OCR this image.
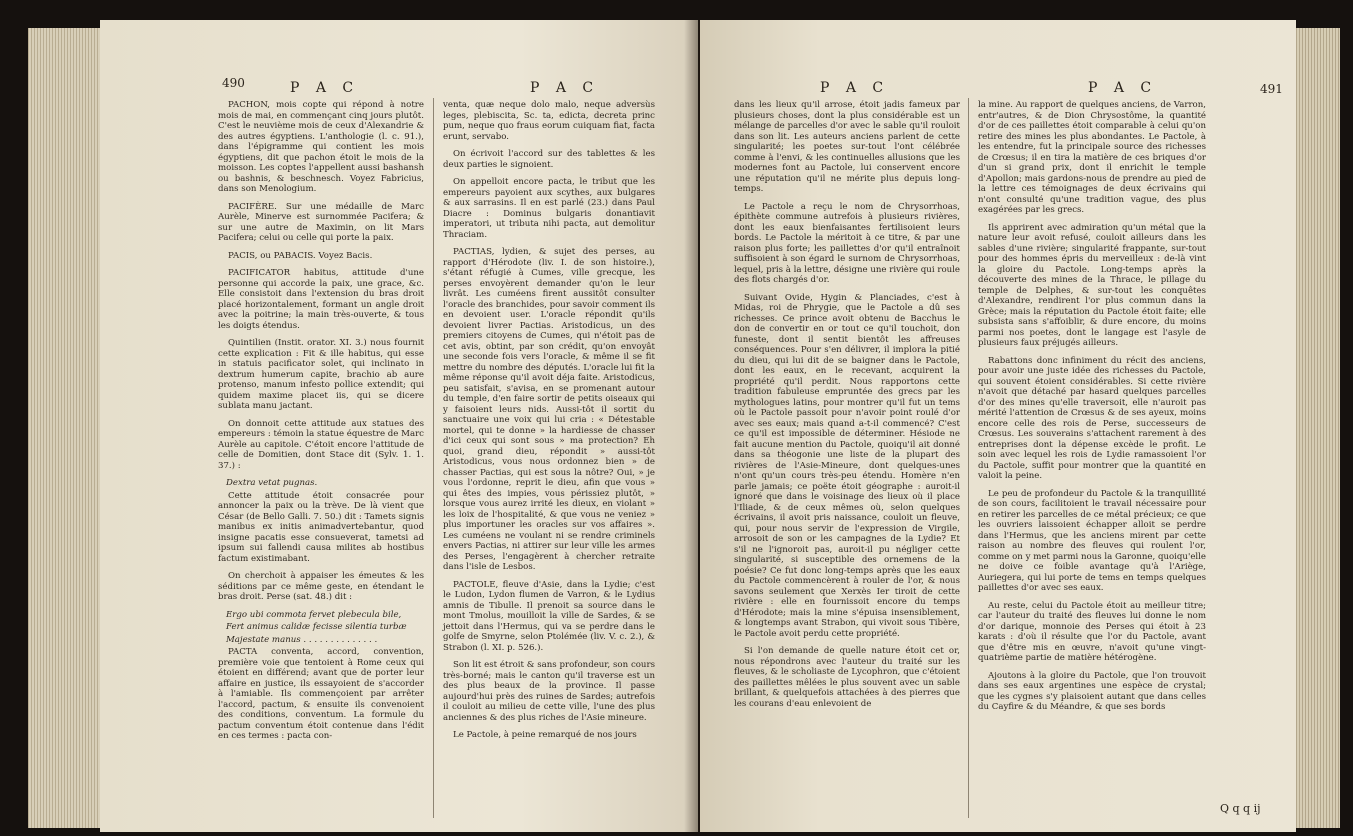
490	P A C	P A C

PACHON, mois copte qui répond à notre mois de mai, en commençant cinq jours plutôt. C'est le neuvième mois de ceux d'Alexandrie & des autres égyptiens. L'anthologie (l. c. 91.), dans l'épigramme qui contient les mois égyptiens, dit que pachon étoit le mois de la moisson. Les coptes l'appellent aussi bashansh ou bashnis, & beschnesch. Voyez Fabricius, dans son Menologium.

PACIFÈRE. Sur une médaille de Marc Aurèle, Minerve est surnommée Pacifera; & sur une autre de Maximin, on lit Mars Pacifera; celui ou celle qui porte la paix.

PACIS, ou PABACIS. Voyez Bacis.

PACIFICATOR habitus, attitude d'une personne qui accorde la paix, une grace, &c. Elle consistoit dans l'extension du bras droit placé horizontalement, formant un angle droit avec la poitrine; la main très-ouverte, & tous les doigts étendus.

Quintilien (Instit. orator. XI. 3.) nous fournit cette explication : Fit & ille habitus, qui esse in statuis pacificator solet, qui inclinato in dextrum humerum capite, brachio ab aure protenso, manum infesto pollice extendit; qui quidem maxime placet iis, qui se dicere sublata manu jactant.

On donnoit cette attitude aux statues des empereurs : témoin la statue équestre de Marc Aurèle au capitole. C'étoit encore l'attitude de celle de Domitien, dont Stace dit (Sylv. 1. 1. 37.) :

Dextra vetat pugnas.

Cette attitude étoit consacrée pour annoncer la paix ou la trève. De là vient que César (de Bello Galli. 7. 50.) dit : Tamets signis manibus ex initis animadvertebantur, quod insigne pacatis esse consueverat, tametsi ad ipsum sui fallendi causa milites ab hostibus factum existimabant.

On cherchoit à appaiser les émeutes & les séditions par ce même geste, en étendant le bras droit. Perse (sat. 48.) dit :

Ergo ubi commota fervet plebecula bile,

Fert animus calidæ fecisse silentia turbæ

Majestate manus . . . . . . . . . . . . . .

PACTA conventa, accord, convention, première voie que tentoient à Rome ceux qui étoient en différend; avant que de porter leur affaire en justice, ils essayoient de s'accorder à l'amiable. Ils commençoient par arrêter l'accord, pactum, & ensuite ils convenoient des conditions, conventum. La formule du pactum conventum étoit contenue dans l'édit en ces termes : pacta con-

venta, quæ neque dolo malo, neque adversùs leges, plebiscita, Sc. ta, edicta, decreta princ pum, neque quo fraus eorum cuiquam fiat, facta erunt, servabo.

On écrivoit l'accord sur des tablettes & les deux parties le signoient.

On appelloit encore pacta, le tribut que les empereurs payoient aux scythes, aux bulgares & aux sarrasins. Il en est parlé (23.) dans Paul Diacre : Dominus bulgaris donantiavit imperatori, ut tributa nihi pacta, aut demolitur Thraciam.

PACTIAS, lydien, & sujet des perses, au rapport d'Hérodote (liv. I. de son histoire.), s'étant réfugié à Cumes, ville grecque, les perses envoyèrent demander qu'on le leur livrât. Les cuméens firent aussitôt consulter l'oracle des branchides, pour savoir comment ils en devoient user. L'oracle répondit qu'ils devoient livrer Pactias. Aristodicus, un des premiers citoyens de Cumes, qui n'étoit pas de cet avis, obtint, par son crédit, qu'on envoyât une seconde fois vers l'oracle, & même il se fit mettre du nombre des députés. L'oracle lui fit la même réponse qu'il avoit déja faite. Aristodicus, peu satisfait, s'avisa, en se promenant autour du temple, d'en faire sortir de petits oiseaux qui y faisoient leurs nids. Aussi-tôt il sortit du sanctuaire une voix qui lui cria : « Détestable mortel, qui te donne » la hardiesse de chasser d'ici ceux qui sont sous » ma protection? Eh quoi, grand dieu, répondit » aussi-tôt Aristodicus, vous nous ordonnez bien » de chasser Pactias, qui est sous la nôtre? Oui, » je vous l'ordonne, reprit le dieu, afin que vous » qui êtes des impies, vous périssiez plutôt, » lorsque vous aurez irrité les dieux, en violant » les loix de l'hospitalité, & que vous ne veniez » plus importuner les oracles sur vos affaires ». Les cuméens ne voulant ni se rendre criminels envers Pactias, ni attirer sur leur ville les armes des Perses, l'engagèrent à chercher retraite dans l'isle de Lesbos.

PACTOLE, fleuve d'Asie, dans la Lydie; c'est le Ludon, Lydon flumen de Varron, & le Lydius amnis de Tibulle. Il prenoit sa source dans le mont Tmolus, mouilloit la ville de Sardes, & se jettoit dans l'Hermus, qui va se perdre dans le golfe de Smyrne, selon Ptolémée (liv. V. c. 2.), & Strabon (l. XI. p. 526.).

Son lit est étroit & sans profondeur, son cours très-borné; mais le canton qu'il traverse est un des plus beaux de la province. Il passe aujourd'hui près des ruines de Sardes; autrefois il couloit au milieu de cette ville, l'une des plus anciennes & des plus riches de l'Asie mineure.

Le Pactole, à peine remarqué de nos jours

P A C	P A C	491

dans les lieux qu'il arrose, étoit jadis fameux par plusieurs choses, dont la plus considérable est un mélange de parcelles d'or avec le sable qu'il rouloit dans son lit. Les auteurs anciens parlent de cette singularité; les poetes sur-tout l'ont célébrée comme à l'envi, & les continuelles allusions que les modernes font au Pactole, lui conservent encore une réputation qu'il ne mérite plus depuis long-temps.

Le Pactole a reçu le nom de Chrysorrhoas, épithète commune autrefois à plusieurs rivières, dont les eaux bienfaisantes fertilisoient leurs bords. Le Pactole la méritoit à ce titre, & par une raison plus forte; les paillettes d'or qu'il entraînoit suffisoient à son égard le surnom de Chrysorrhoas, lequel, pris à la lettre, désigne une rivière qui roule des flots chargés d'or.

Suivant Ovide, Hygin & Planciades, c'est à Midas, roi de Phrygie, que le Pactole a dû ses richesses. Ce prince avoit obtenu de Bacchus le don de convertir en or tout ce qu'il touchoit, don funeste, dont il sentit bientôt les affreuses conséquences. Pour s'en délivrer, il implora la pitié du dieu, qui lui dit de se baigner dans le Pactole, dont les eaux, en le recevant, acquirent la propriété qu'il perdit. Nous rapportons cette tradition fabuleuse empruntée des grecs par les mythologues latins, pour montrer qu'il fut un tems où le Pactole passoit pour n'avoir point roulé d'or avec ses eaux; mais quand a-t-il commencé? C'est ce qu'il est impossible de déterminer. Hésiode ne fait aucune mention du Pactole, quoiqu'il ait donné dans sa théogonie une liste de la plupart des rivières de l'Asie-Mineure, dont quelques-unes n'ont qu'un cours très-peu étendu. Homère n'en parle jamais; ce poëte étoit géographe : auroit-il ignoré que dans le voisinage des lieux où il place l'Iliade, & de ceux mêmes où, selon quelques écrivains, il avoit pris naissance, couloit un fleuve, qui, pour nous servir de l'expression de Virgile, arrosoit de son or les campagnes de la Lydie? Et s'il ne l'ignoroit pas, auroit-il pu négliger cette singularité, si susceptible des ornemens de la poésie? Ce fut donc long-temps après que les eaux du Pactole commencèrent à rouler de l'or, & nous savons seulement que Xerxès Ier tiroit de cette rivière : elle en fournissoit encore du temps d'Hérodote; mais la mine s'épuisa insensiblement, & longtemps avant Strabon, qui vivoit sous Tibère, le Pactole avoit perdu cette propriété.

Si l'on demande de quelle nature étoit cet or, nous répondrons avec l'auteur du traité sur les fleuves, & le scholiaste de Lycophron, que c'étoient des paillettes mêlées le plus souvent avec un sable brillant, & quelquefois attachées à des pierres que les courans d'eau enlevoient de

la mine. Au rapport de quelques anciens, de Varron, entr'autres, & de Dion Chrysostôme, la quantité d'or de ces paillettes étoit comparable à celui qu'on retire des mines les plus abondantes. Le Pactole, à les entendre, fut la principale source des richesses de Crœsus; il en tira la matière de ces briques d'or d'un si grand prix, dont il enrichit le temple d'Apollon; mais gardons-nous de prendre au pied de la lettre ces témoignages de deux écrivains qui n'ont consulté qu'une tradition vague, des plus exagérées par les grecs.

Ils apprirent avec admiration qu'un métal que la nature leur avoit refusé, couloit ailleurs dans les sables d'une rivière; singularité frappante, sur-tout pour des hommes épris du merveilleux : de-là vint la gloire du Pactole. Long-temps après la découverte des mines de la Thrace, le pillage du temple de Delphes, & sur-tout les conquêtes d'Alexandre, rendirent l'or plus commun dans la Grèce; mais la réputation du Pactole étoit faite; elle subsista sans s'affoiblir, & dure encore, du moins parmi nos poetes, dont le langage est l'asyle de plusieurs faux préjugés ailleurs.

Rabattons donc infiniment du récit des anciens, pour avoir une juste idée des richesses du Pactole, qui souvent étoient considérables. Si cette rivière n'avoit que détaché par hasard quelques parcelles d'or des mines qu'elle traversoit, elle n'auroit pas mérité l'attention de Crœsus & de ses ayeux, moins encore celle des rois de Perse, successeurs de Crœsus. Les souverains s'attachent rarement à des entreprises dont la dépense excède le profit. Le soin avec lequel les rois de Lydie ramassoient l'or du Pactole, suffit pour montrer que la quantité en valoit la peine.

Le peu de profondeur du Pactole & la tranquillité de son cours, facilitoient le travail nécessaire pour en retirer les parcelles de ce métal précieux; ce que les ouvriers laissoient échapper alloit se perdre dans l'Hermus, que les anciens mirent par cette raison au nombre des fleuves qui roulent l'or, comme on y met parmi nous la Garonne, quoiqu'elle ne doive ce foible avantage qu'à l'Ariège, Auriegera, qui lui porte de tems en temps quelques paillettes d'or avec ses eaux.

Au reste, celui du Pactole étoit au meilleur titre; car l'auteur du traité des fleuves lui donne le nom d'or darique, monnoie des Perses qui étoit à 23 karats : d'où il résulte que l'or du Pactole, avant que d'être mis en œuvre, n'avoit qu'une vingt-quatrième partie de matière hétérogène.

Ajoutons à la gloire du Pactole, que l'on trouvoit dans ses eaux argentines une espèce de crystal; que les cygnes s'y plaisoient autant que dans celles du Cayfire & du Méandre, & que ses bords

Q q q ij
